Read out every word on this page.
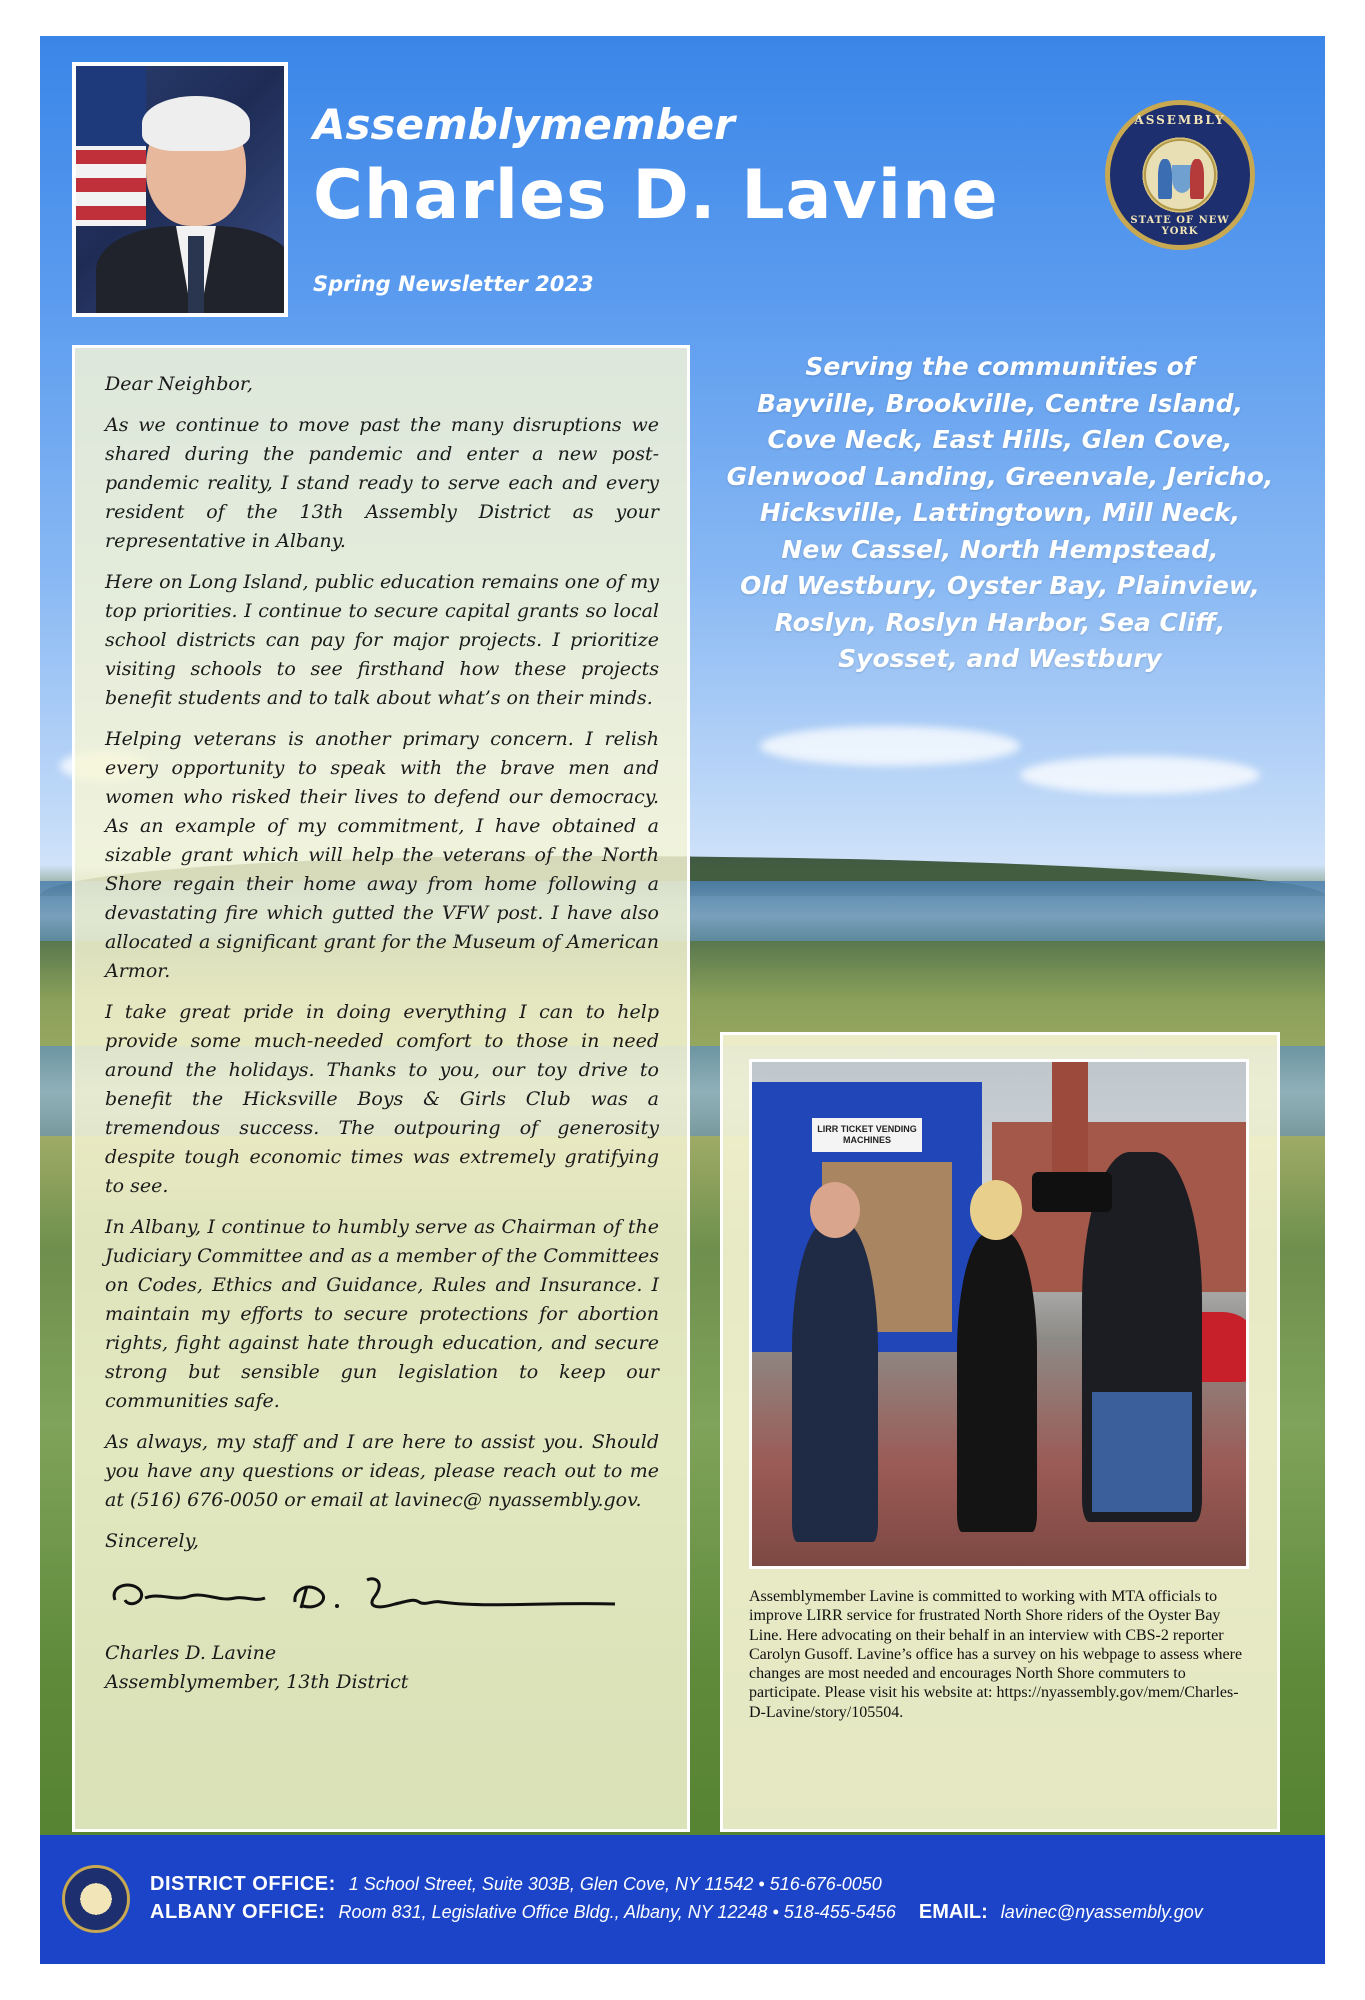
Assemblymember
Charles D. Lavine
Spring Newsletter 2023
ASSEMBLY
STATE OF NEW YORK

Dear Neighbor,

As we continue to move past the many disruptions we shared during the pandemic and enter a new post-pandemic reality, I stand ready to serve each and every resident of the 13th Assembly District as your representative in Albany.

Here on Long Island, public education remains one of my top priorities. I continue to secure capital grants so local school districts can pay for major projects. I prioritize visiting schools to see firsthand how these projects benefit students and to talk about what’s on their minds.

Helping veterans is another primary concern. I relish every opportunity to speak with the brave men and women who risked their lives to defend our democracy. As an example of my commitment, I have obtained a sizable grant which will help the veterans of the North Shore regain their home away from home following a devastating fire which gutted the VFW post. I have also allocated a significant grant for the Museum of American Armor.

I take great pride in doing everything I can to help provide some much-needed comfort to those in need around the holidays. Thanks to you, our toy drive to benefit the Hicksville Boys & Girls Club was a tremendous success. The outpouring of generosity despite tough economic times was extremely gratifying to see.

In Albany, I continue to humbly serve as Chairman of the Judiciary Committee and as a member of the Committees on Codes, Ethics and Guidance, Rules and Insurance. I maintain my efforts to secure protections for abortion rights, fight against hate through education, and secure strong but sensible gun legislation to keep our communities safe.

As always, my staff and I are here to assist you. Should you have any questions or ideas, please reach out to me at (516) 676-0050 or email at lavinec@ nyassembly.gov.

Sincerely,

Charles D. Lavine

Assemblymember, 13th District

Serving the communities of
Bayville, Brookville, Centre Island,
Cove Neck, East Hills, Glen Cove,
Glenwood Landing, Greenvale, Jericho,
Hicksville, Lattingtown, Mill Neck,
New Cassel, North Hempstead,
Old Westbury, Oyster Bay, Plainview,
Roslyn, Roslyn Harbor, Sea Cliff,
Syosset, and Westbury
LIRR TICKET VENDING MACHINES
Assemblymember Lavine is committed to working with MTA officials to improve LIRR service for frustrated North Shore riders of the Oyster Bay Line. Here advocating on their behalf in an interview with CBS-2 reporter Carolyn Gusoff. Lavine’s office has a survey on his webpage to assess where changes are most needed and encourages North Shore commuters to participate. Please visit his website at: https://nyassembly.gov/mem/Charles-D-Lavine/story/105504.
DISTRICT OFFICE: 1 School Street, Suite 303B, Glen Cove, NY 11542 • 516-676-0050
ALBANY OFFICE: Room 831, Legislative Office Bldg., Albany, NY 12248 • 518-455-5456 EMAIL: lavinec@nyassembly.gov
